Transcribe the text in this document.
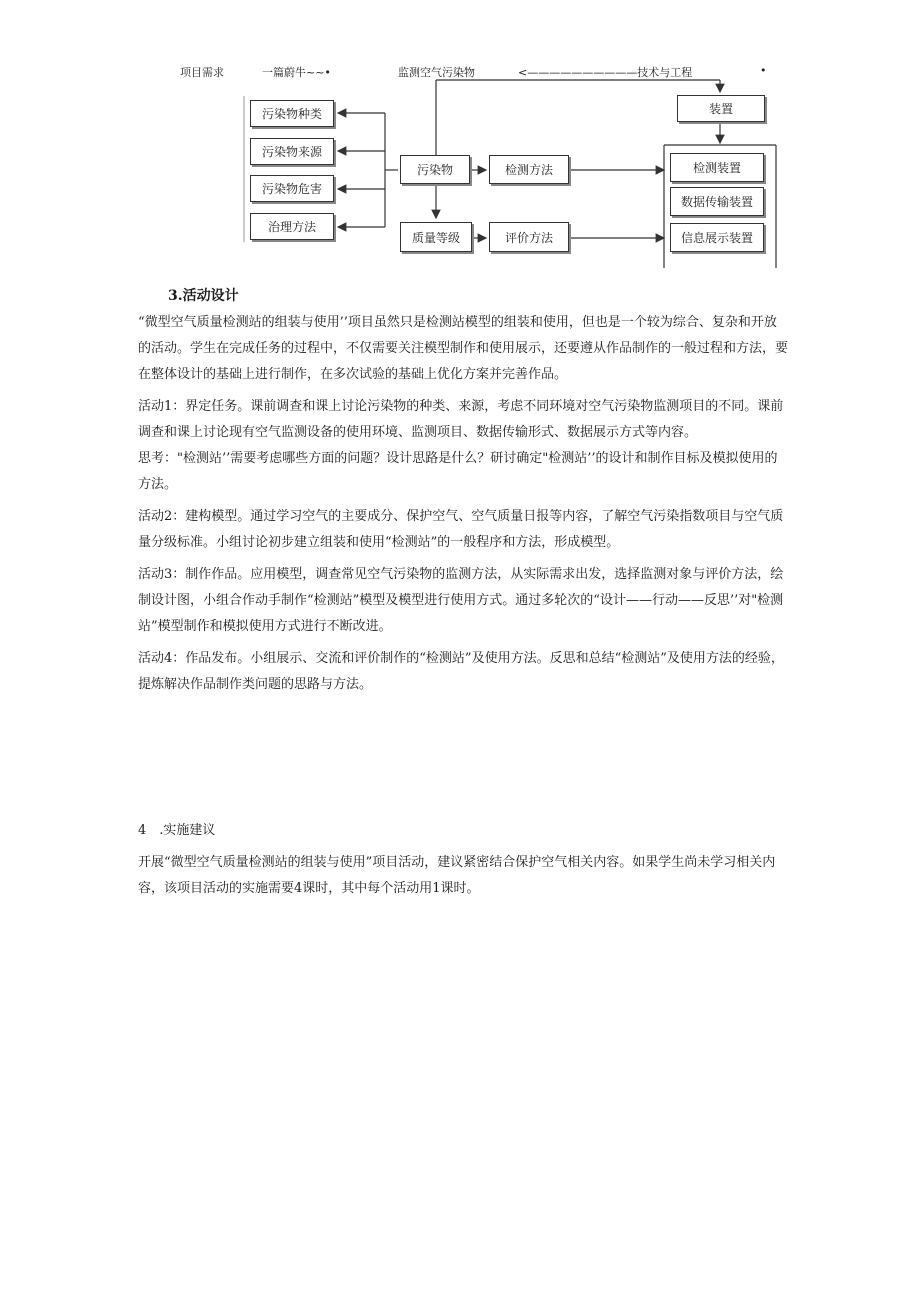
项目需求	一篇蔚牛~~•	监测空气污染物	<——————————技术与工程	•
污染物种类
污染物来源
污染物危害
治理方法
污染物
质量等级
检测方法
评价方法
装置
检测装置
数据传输装置
信息展示装置
3.活动设计

“微型空气质量检测站的组装与使用’’项目虽然只是检测站模型的组装和使用，但也是一个较为综合、复杂和开放的活动。学生在完成任务的过程中，不仅需要关注模型制作和使用展示，还要遵从作品制作的一般过程和方法，要在整体设计的基础上进行制作，在多次试验的基础上优化方案并完善作品。

活动1：界定任务。课前调查和课上讨论污染物的种类、来源，考虑不同环境对空气污染物监测项目的不同。课前调查和课上讨论现有空气监测设备的使用环境、监测项目、数据传输形式、数据展示方式等内容。

思考："检测站’’需要考虑哪些方面的问题？设计思路是什么？研讨确定"检测站’’的设计和制作目标及模拟使用的方法。

活动2：建构模型。通过学习空气的主要成分、保护空气、空气质量日报等内容，了解空气污染指数项目与空气质量分级标准。小组讨论初步建立组装和使用“检测站”的一般程序和方法，形成模型。

活动3：制作作品。应用模型，调查常见空气污染物的监测方法，从实际需求出发，选择监测对象与评价方法，绘制设计图，小组合作动手制作“检测站”模型及模型进行使用方式。通过多轮次的“设计——行动——反思’’对"检测站”模型制作和模拟使用方式进行不断改进。

活动4：作品发布。小组展示、交流和评价制作的“检测站”及使用方法。反思和总结“检测站”及使用方法的经验，提炼解决作品制作类问题的思路与方法。

4　.实施建议

开展“微型空气质量检测站的组装与使用”项目活动，建议紧密结合保护空气相关内容。如果学生尚未学习相关内容，该项目活动的实施需要4课时，其中每个活动用1课时。
